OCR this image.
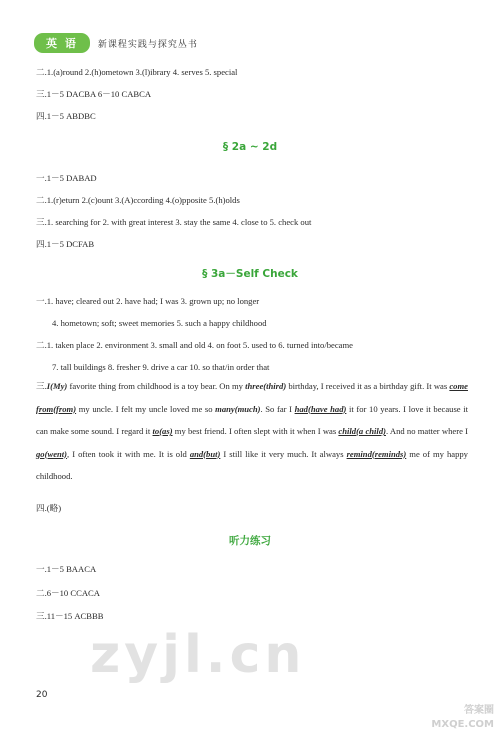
英 语	新课程实践与探究丛书
二.1.(a)round 2.(h)ometown 3.(l)ibrary 4. serves 5. special
三.1－5 DACBA 6－10 CABCA
四.1－5 ABDBC
§ 2a ~ 2d
一.1－5 DABAD
二.1.(r)eturn 2.(c)ount 3.(A)ccording 4.(o)pposite 5.(h)olds
三.1. searching for 2. with great interest 3. stay the same 4. close to 5. check out
四.1－5 DCFAB
§ 3a－Self Check
一.1. have; cleared out 2. have had; I was 3. grown up; no longer
4. hometown; soft; sweet memories 5. such a happy childhood
二.1. taken place 2. environment 3. small and old 4. on foot 5. used to 6. turned into/became
7. tall buildings 8. fresher 9. drive a car 10. so that/in order that
三.I(My) favorite thing from childhood is a toy bear. On my three(third) birthday, I received it as a birthday gift. It was come from(from) my uncle. I felt my uncle loved me so many(much). So far I had(have had) it for 10 years. I love it because it can make some sound. I regard it to(as) my best friend. I often slept with it when I was child(a child). And no matter where I go(went), I often took it with me. It is old and(but) I still like it very much. It always remind(reminds) me of my happy childhood.
四.(略)
听力练习
一.1－5 BAACA
二.6－10 CCACA
三.11－15 ACBBB
zyjl.cn
20
答案圈
MXQE.COM
